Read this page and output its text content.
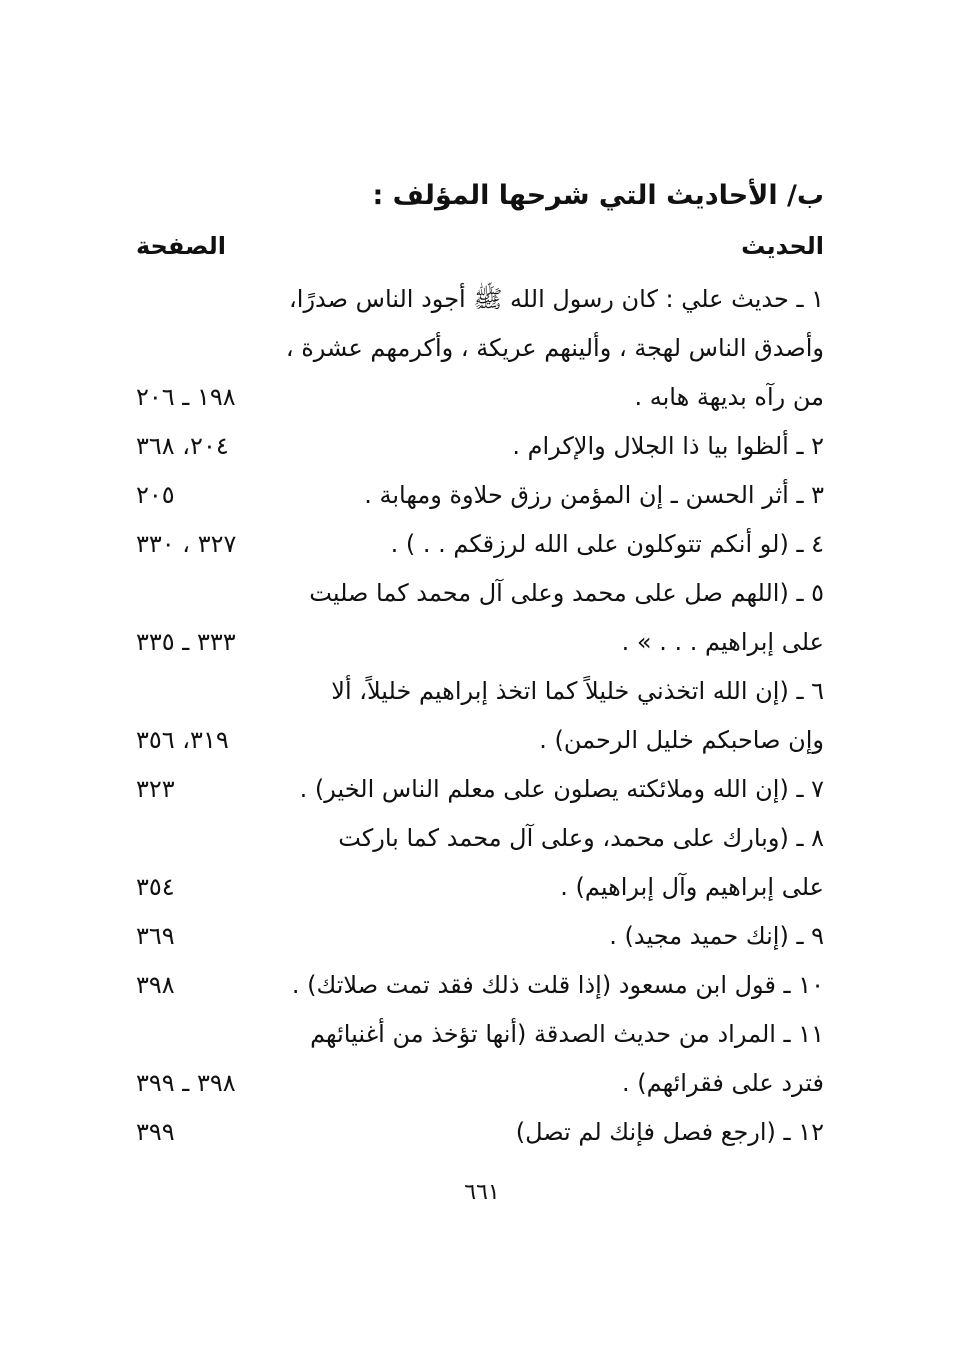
ب/ الأحاديث التي شرحها المؤلف :
الحديث
الصفحة
١ ـ حديث علي : كان رسول الله ﷺ أجود الناس صدرًا،
وأصدق الناس لهجة ، وألينهم عريكة ، وأكرمهم عشرة ،
من رآه بديهة هابه .
١٩٨ ـ ٢٠٦
٢ ـ ألظوا بيا ذا الجلال والإكرام .
٢٠٤، ٣٦٨
٣ ـ أثر الحسن ـ إن المؤمن رزق حلاوة ومهابة .
٢٠٥
٤ ـ (لو أنكم تتوكلون على الله لرزقكم . . ) .
٣٢٧ ، ٣٣٠
٥ ـ (اللهم صل على محمد وعلى آل محمد كما صليت
على إبراهيم . . . » .
٣٣٣ ـ ٣٣٥
٦ ـ (إن الله اتخذني خليلاً كما اتخذ إبراهيم خليلاً، ألا
وإن صاحبكم خليل الرحمن) .
٣١٩، ٣٥٦
٧ ـ (إن الله وملائكته يصلون على معلم الناس الخير) .
٣٢٣
٨ ـ (وبارك على محمد، وعلى آل محمد كما باركت
على إبراهيم وآل إبراهيم) .
٣٥٤
٩ ـ (إنك حميد مجيد) .
٣٦٩
١٠ ـ قول ابن مسعود (إذا قلت ذلك فقد تمت صلاتك) .
٣٩٨
١١ ـ المراد من حديث الصدقة (أنها تؤخذ من أغنيائهم
فترد على فقرائهم) .
٣٩٨ ـ ٣٩٩
١٢ ـ (ارجع فصل فإنك لم تصل)
٣٩٩
٦٦١
